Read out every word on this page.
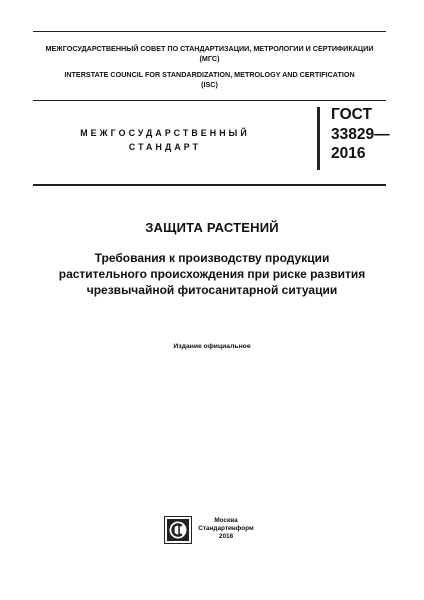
МЕЖГОСУДАРСТВЕННЫЙ СОВЕТ ПО СТАНДАРТИЗАЦИИ, МЕТРОЛОГИИ И СЕРТИФИКАЦИИ
(МГС)
INTERSTATE COUNCIL FOR STANDARDIZATION, METROLOGY AND CERTIFICATION
(ISC)
МЕЖГОСУДАРСТВЕННЫЙ
СТАНДАРТ
ГОСТ
33829—
2016
ЗАЩИТА РАСТЕНИЙ
Требования к производству продукции
растительного происхождения при риске развития
чрезвычайной фитосанитарной ситуации
Издание официальное
Москва
Стандартинформ
2018
